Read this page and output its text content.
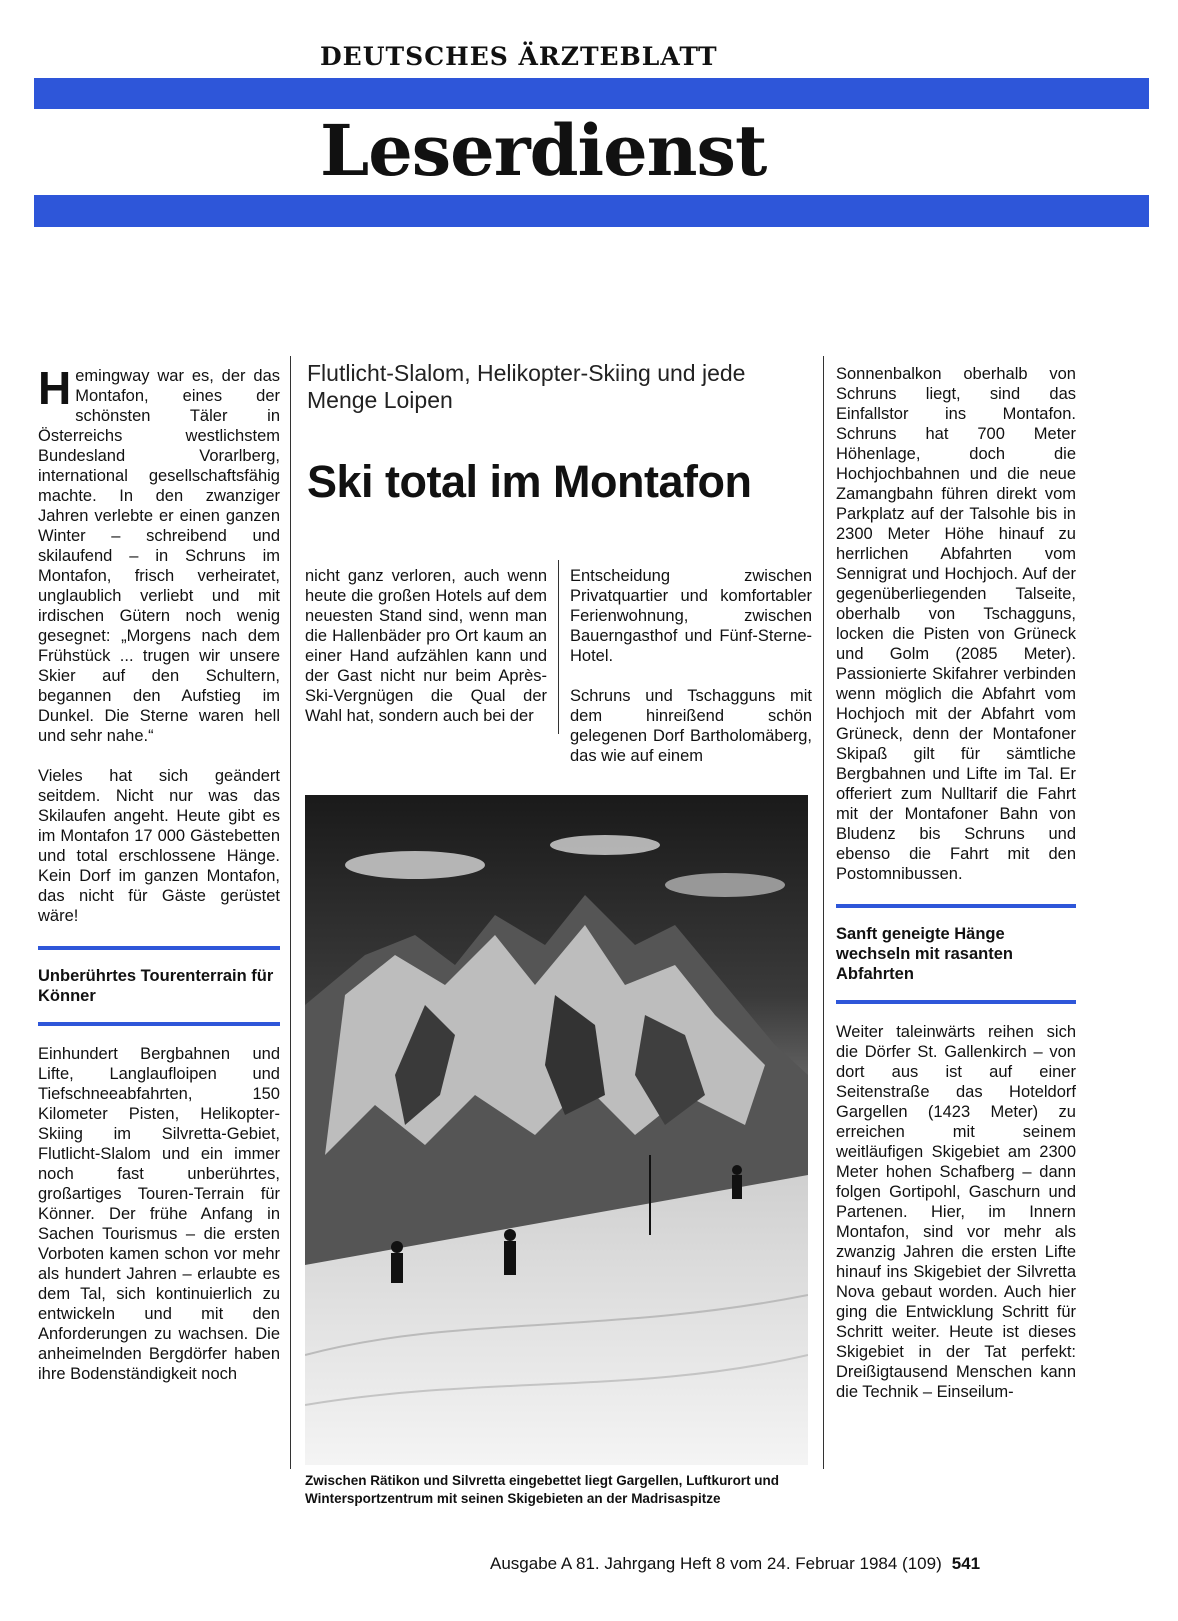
DEUTSCHES ÄRZTEBLATT
Leserdienst

Hemingway war es, der das Montafon, eines der schönsten Täler in Österreichs westlichstem Bundesland Vorarlberg, international gesellschaftsfähig machte. In den zwanziger Jahren verlebte er einen ganzen Winter – schreibend und skilaufend – in Schruns im Montafon, frisch verheiratet, unglaublich verliebt und mit irdischen Gütern noch wenig gesegnet: „Morgens nach dem Frühstück ... trugen wir unsere Skier auf den Schultern, begannen den Aufstieg im Dunkel. Die Sterne waren hell und sehr nahe.“

Vieles hat sich geändert seitdem. Nicht nur was das Skilaufen angeht. Heute gibt es im Montafon 17 000 Gästebetten und total erschlossene Hänge. Kein Dorf im ganzen Montafon, das nicht für Gäste gerüstet wäre!

Unberührtes Tourenterrain für Könner

Einhundert Bergbahnen und Lifte, Langlaufloipen und Tiefschneeabfahrten, 150 Kilometer Pisten, Helikopter-Skiing im Silvretta-Gebiet, Flutlicht-Slalom und ein immer noch fast unberührtes, großartiges Touren-Terrain für Könner. Der frühe Anfang in Sachen Tourismus – die ersten Vorboten kamen schon vor mehr als hundert Jahren – erlaubte es dem Tal, sich kontinuierlich zu entwickeln und mit den Anforderungen zu wachsen. Die anheimelnden Bergdörfer haben ihre Bodenständigkeit noch

Flutlicht-Slalom, Helikopter-Skiing und jede Menge Loipen
Ski total im Montafon

nicht ganz verloren, auch wenn heute die großen Hotels auf dem neuesten Stand sind, wenn man die Hallenbäder pro Ort kaum an einer Hand aufzählen kann und der Gast nicht nur beim Après-Ski-Vergnügen die Qual der Wahl hat, sondern auch bei der

Entscheidung zwischen Privatquartier und komfortabler Ferienwohnung, zwischen Bauerngasthof und Fünf-Sterne-Hotel.

Schruns und Tschagguns mit dem hinreißend schön gelegenen Dorf Bartholomäberg, das wie auf einem

Zwischen Rätikon und Silvretta eingebettet liegt Gargellen, Luftkurort und Wintersportzentrum mit seinen Skigebieten an der Madrisaspitze

Sonnenbalkon oberhalb von Schruns liegt, sind das Einfallstor ins Montafon. Schruns hat 700 Meter Höhenlage, doch die Hochjochbahnen und die neue Zamangbahn führen direkt vom Parkplatz auf der Talsohle bis in 2300 Meter Höhe hinauf zu herrlichen Abfahrten vom Sennigrat und Hochjoch. Auf der gegenüberliegenden Talseite, oberhalb von Tschagguns, locken die Pisten von Grüneck und Golm (2085 Meter). Passionierte Skifahrer verbinden wenn möglich die Abfahrt vom Hochjoch mit der Abfahrt vom Grüneck, denn der Montafoner Skipaß gilt für sämtliche Bergbahnen und Lifte im Tal. Er offeriert zum Nulltarif die Fahrt mit der Montafoner Bahn von Bludenz bis Schruns und ebenso die Fahrt mit den Postomnibussen.

Sanft geneigte Hänge wechseln mit rasanten Abfahrten

Weiter taleinwärts reihen sich die Dörfer St. Gallenkirch – von dort aus ist auf einer Seitenstraße das Hoteldorf Gargellen (1423 Meter) zu erreichen mit seinem weitläufigen Skigebiet am 2300 Meter hohen Schafberg – dann folgen Gortipohl, Gaschurn und Partenen. Hier, im Innern Montafon, sind vor mehr als zwanzig Jahren die ersten Lifte hinauf ins Skigebiet der Silvretta Nova gebaut worden. Auch hier ging die Entwicklung Schritt für Schritt weiter. Heute ist dieses Skigebiet in der Tat perfekt: Dreißigtausend Menschen kann die Technik – Einseilum-

Ausgabe A 81. Jahrgang Heft 8 vom 24. Februar 1984 (109) 541
